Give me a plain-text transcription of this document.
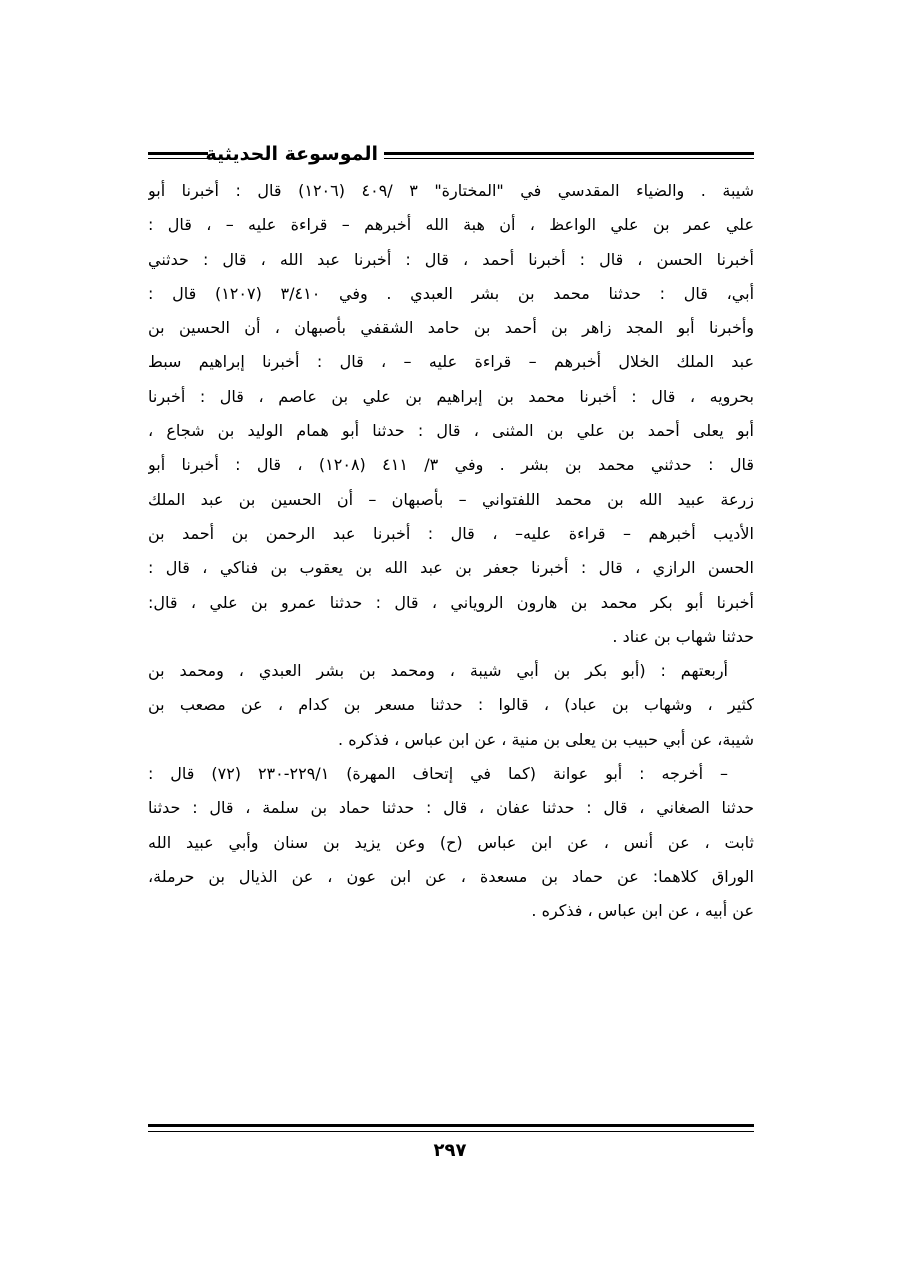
الموسوعة الحديثية
شيبة . والضياء المقدسي في "المختارة" ٣ /٤٠٩ (١٢٠٦) قال : أخبرنا أبو
علي عمر بن علي الواعظ ، أن هبة الله أخبرهم – قراءة عليه – ، قال :
أخبرنا الحسن ، قال : أخبرنا أحمد ، قال : أخبرنا عبد الله ، قال : حدثني
أبي، قال : حدثنا محمد بن بشر العبدي . وفي ٣/٤١٠ (١٢٠٧) قال :
وأخبرنا أبو المجد زاهر بن أحمد بن حامد الشقفي بأصبهان ، أن الحسين بن
عبد الملك الخلال أخبرهم – قراءة عليه – ، قال : أخبرنا إبراهيم سبط
بحرويه ، قال : أخبرنا محمد بن إبراهيم بن علي بن عاصم ، قال : أخبرنا
أبو يعلى أحمد بن علي بن المثنى ، قال : حدثنا أبو همام الوليد بن شجاع ،
قال : حدثني محمد بن بشر . وفي ٣/ ٤١١ (١٢٠٨) ، قال : أخبرنا أبو
زرعة عبيد الله بن محمد اللفتواني – بأصبهان – أن الحسين بن عبد الملك
الأديب أخبرهم – قراءة عليه– ، قال : أخبرنا عبد الرحمن بن أحمد بن
الحسن الرازي ، قال : أخبرنا جعفر بن عبد الله بن يعقوب بن فناكي ، قال :
أخبرنا أبو بكر محمد بن هارون الروياني ، قال : حدثنا عمرو بن علي ، قال:
حدثنا شهاب بن عناد .
أربعتهم : (أبو بكر بن أبي شيبة ، ومحمد بن بشر العبدي ، ومحمد بن
كثير ، وشهاب بن عباد) ، قالوا : حدثنا مسعر بن كدام ، عن مصعب بن
شيبة، عن أبي حبيب بن يعلى بن منية ، عن ابن عباس ، فذكره .
– أخرجه : أبو عوانة (كما في إتحاف المهرة) ٢٢٩/١-٢٣٠ (٧٢) قال :
حدثنا الصغاني ، قال : حدثنا عفان ، قال : حدثنا حماد بن سلمة ، قال : حدثنا
ثابت ، عن أنس ، عن ابن عباس (ح) وعن يزيد بن سنان وأبي عبيد الله
الوراق كلاهما: عن حماد بن مسعدة ، عن ابن عون ، عن الذيال بن حرملة،
عن أبيه ، عن ابن عباس ، فذكره .
٢٩٧
